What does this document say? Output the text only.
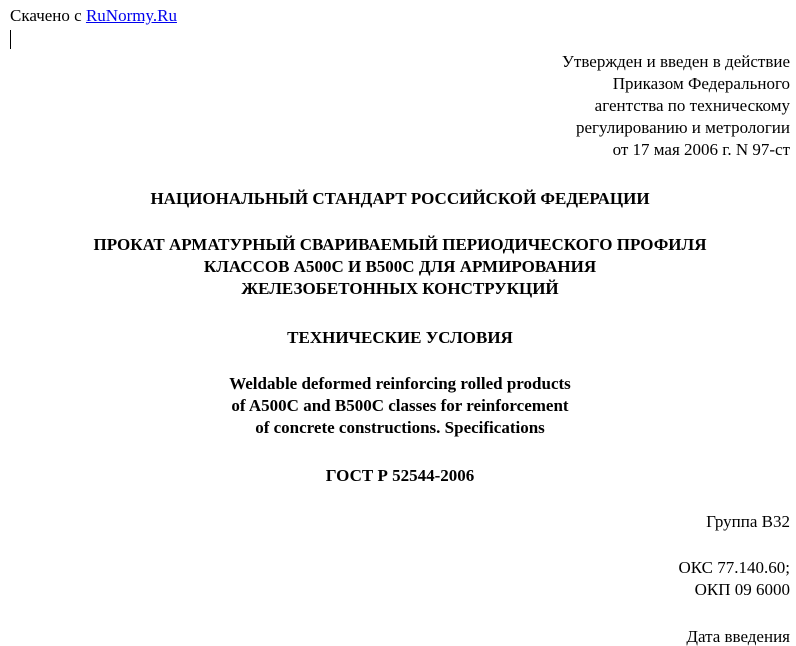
Скачено с RuNormy.Ru
Утвержден и введен в действие
Приказом Федерального
агентства по техническому
регулированию и метрологии
от 17 мая 2006 г. N 97-ст
НАЦИОНАЛЬНЫЙ СТАНДАРТ РОССИЙСКОЙ ФЕДЕРАЦИИ
ПРОКАТ АРМАТУРНЫЙ СВАРИВАЕМЫЙ ПЕРИОДИЧЕСКОГО ПРОФИЛЯ
КЛАССОВ А500С И В500С ДЛЯ АРМИРОВАНИЯ
ЖЕЛЕЗОБЕТОННЫХ КОНСТРУКЦИЙ
ТЕХНИЧЕСКИЕ УСЛОВИЯ
Weldable deformed reinforcing rolled products
of A500C and B500C classes for reinforcement
of concrete constructions. Specifications
ГОСТ Р 52544-2006
Группа В32
ОКС 77.140.60;
ОКП 09 6000
Дата введения
